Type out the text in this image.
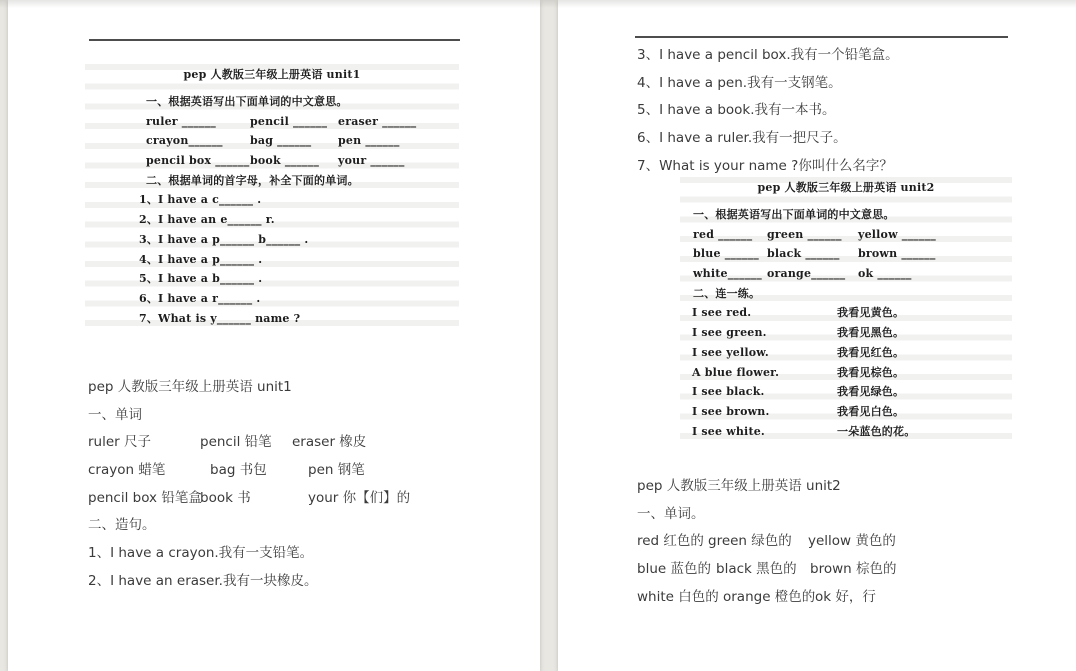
pep 人教版三年级上册英语 unit1
一、根据英语写出下面单词的中文意思。
ruler ______	pencil ______ eraser ______
crayon______ bag ______ pen ______
pencil box ______book ______ your ______
二、根据单词的首字母，补全下面的单词。
1、I have a c______ .
2、I have an e______ r.
3、I have a p______ b______ .
4、I have a p______ .
5、I have a b______ .
6、I have a r______ .
7、What is y______ name ?
pep 人教版三年级上册英语 unit1
一、单词
ruler 尺子	pencil 铅笔 eraser 橡皮
crayon 蜡笔	bag 书包	pen 钢笔
pencil box 铅笔盒book 书	your 你【们】的
二、造句。
1、I have a crayon.我有一支铅笔。
2、I have an eraser.我有一块橡皮。
3、I have a pencil box.我有一个铅笔盒。
4、I have a pen.我有一支钢笔。
5、I have a book.我有一本书。
6、I have a ruler.我有一把尺子。
7、What is your name ?你叫什么名字？
pep 人教版三年级上册英语 unit2
一、根据英语写出下面单词的中文意思。
red ______ green ______ yellow ______
blue ______ black ______ brown ______
white______ orange______ ok ______
二、连一练。
I see red.	我看见黄色。
I see green.	我看见黑色。
I see yellow.	我看见红色。
A blue flower.	我看见棕色。
I see black.	我看见绿色。
I see brown.	我看见白色。
I see white.	一朵蓝色的花。
pep 人教版三年级上册英语 unit2
一、单词。
red 红色的 green 绿色的 yellow 黄色的
blue 蓝色的 black 黑色的 brown 棕色的
white 白色的 orange 橙色的ok 好，行
